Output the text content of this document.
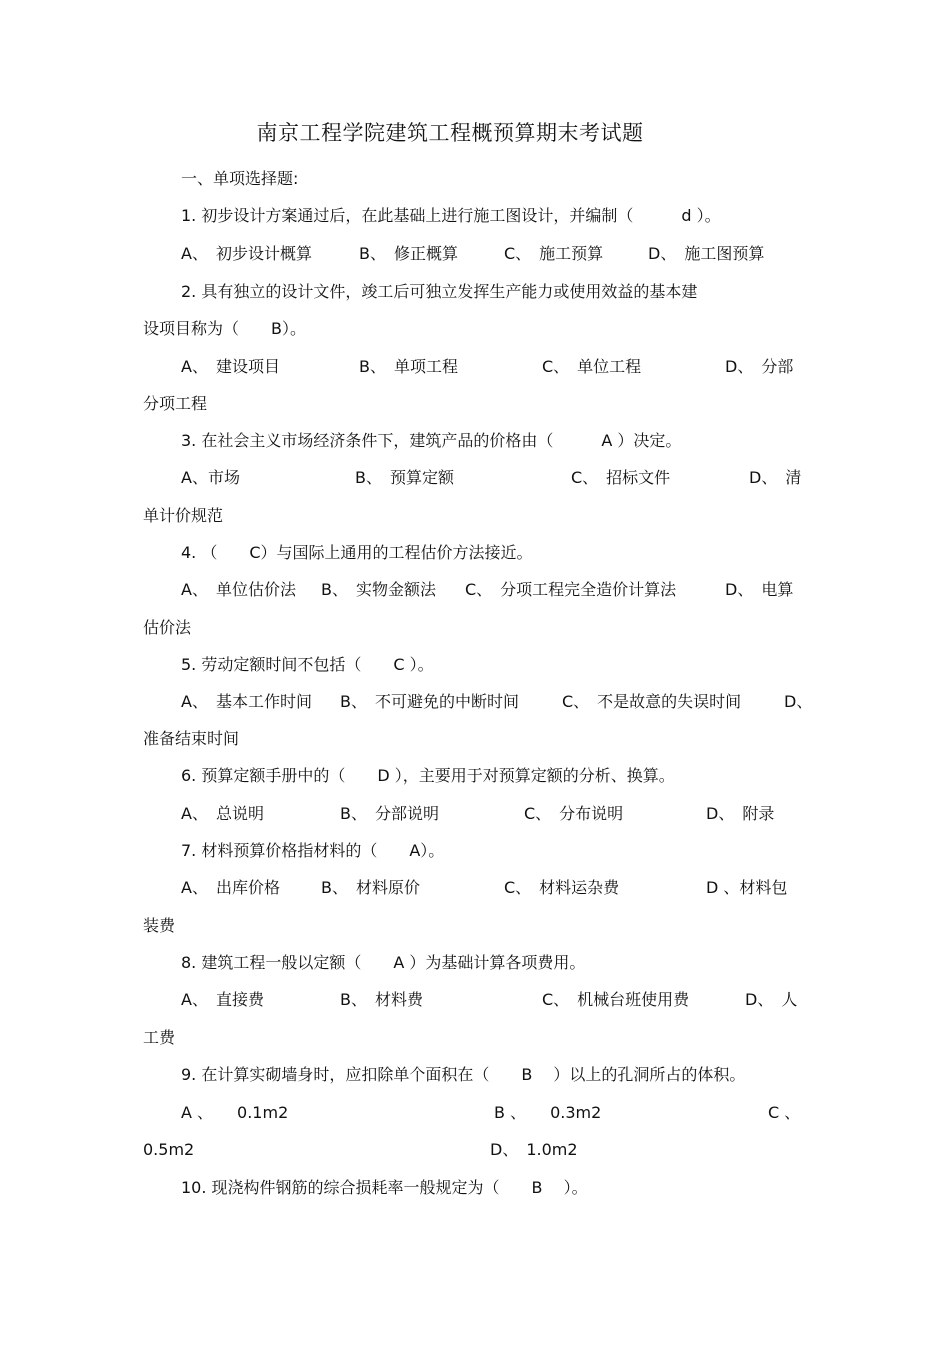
南京工程学院建筑工程概预算期末考试题
一、单项选择题:
1. 初步设计方案通过后，在此基础上进行施工图设计，并编制（　　　d ）。
A、　初步设计概算	B、　修正概算	C、　施工预算	D、　施工图预算
2. 具有独立的设计文件，竣工后可独立发挥生产能力或使用效益的基本建
设项目称为（　　B）。
A、　建设项目	B、　单项工程	C、　单位工程	D、　分部
分项工程
3. 在社会主义市场经济条件下，建筑产品的价格由（　　　A ）决定。
A、市场	B、　预算定额	C、　招标文件	D、　清
单计价规范
4. （　　C）与国际上通用的工程估价方法接近。
A、　单位估价法 B、　实物金额法 C、　分项工程完全造价计算法	D、　电算
估价法
5. 劳动定额时间不包括（　　C ）。
A、　基本工作时间 B、　不可避免的中断时间	C、　不是故意的失误时间	D、
准备结束时间
6. 预算定额手册中的（　　D ），主要用于对预算定额的分析、换算。
A、　总说明	B、　分部说明	C、　分布说明	D、　附录
7. 材料预算价格指材料的（　　A）。
A、　出库价格	B、　材料原价	C、　材料运杂费	D 、材料包
装费
8. 建筑工程一般以定额（　　A ）为基础计算各项费用。
A、　直接费	B、　材料费	C、　机械台班使用费	D、　人
工费
9. 在计算实砌墙身时，应扣除单个面积在（　　B　 ）以上的孔洞所占的体积。
A 、　　0.1m2	B 、　　0.3m2	C 、
0.5m2	D、　1.0m2
10. 现浇构件钢筋的综合损耗率一般规定为（　　B　 ）。
